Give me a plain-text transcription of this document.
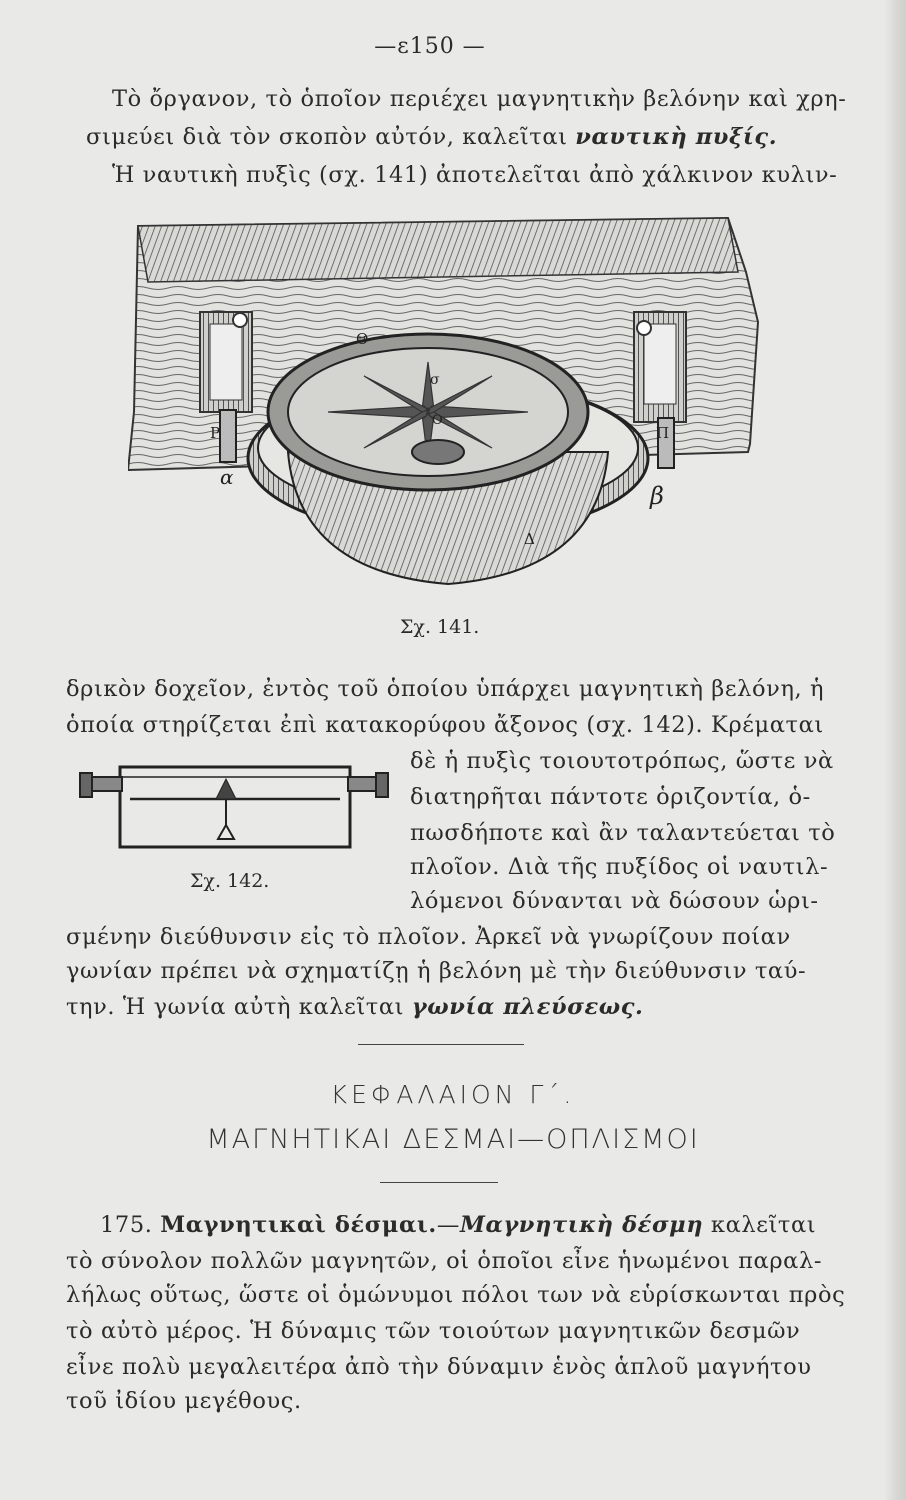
—ε150 —
Τὸ ὄργανον, τὸ ὁποῖον περιέχει μαγνητικὴν βελόνην καὶ χρη-
σιμεύει διὰ τὸν σκοπὸν αὐτόν, καλεῖται ναυτικὴ πυξίς.
Ἡ ναυτικὴ πυξὶς (σχ. 141) ἀποτελεῖται ἀπὸ χάλκινον κυλιν-
Θ
Ρ	Π
α
β
Δ
Ο
σ
Σχ. 141.
δρικὸν δοχεῖον, ἐντὸς τοῦ ὁποίου ὑπάρχει μαγνητικὴ βελόνη, ἡ
ὁποία στηρίζεται ἐπὶ κατακορύφου ἄξονος (σχ. 142). Κρέμαται
δὲ ἡ πυξὶς τοιουτοτρόπως, ὥστε νὰ
διατηρῆται πάντοτε ὁριζοντία, ὁ-
πωσδήποτε καὶ ἂν ταλαντεύεται τὸ
πλοῖον. Διὰ τῆς πυξίδος οἱ ναυτιλ-
λόμενοι δύνανται νὰ δώσουν ὡρι-
σμένην διεύθυνσιν εἰς τὸ πλοῖον. Ἀρκεῖ νὰ γνωρίζουν ποίαν
γωνίαν πρέπει νὰ σχηματίζῃ ἡ βελόνη μὲ τὴν διεύθυνσιν ταύ-
την. Ἡ γωνία αὐτὴ καλεῖται γωνία πλεύσεως.
Σχ. 142.
ΚΕΦΑΛΑΙΟΝ Γ΄.
ΜΑΓΝΗΤΙΚΑΙ ΔΕΣΜΑΙ—ΟΠΛΙΣΜΟΙ
175. Μαγνητικαὶ δέσμαι.—Μαγνητικὴ δέσμη καλεῖται
τὸ σύνολον πολλῶν μαγνητῶν, οἱ ὁποῖοι εἶνε ἡνωμένοι παραλ-
λήλως οὕτως, ὥστε οἱ ὁμώνυμοι πόλοι των νὰ εὑρίσκωνται πρὸς
τὸ αὐτὸ μέρος. Ἡ δύναμις τῶν τοιούτων μαγνητικῶν δεσμῶν
εἶνε πολὺ μεγαλειτέρα ἀπὸ τὴν δύναμιν ἑνὸς ἁπλοῦ μαγνήτου
τοῦ ἰδίου μεγέθους.
